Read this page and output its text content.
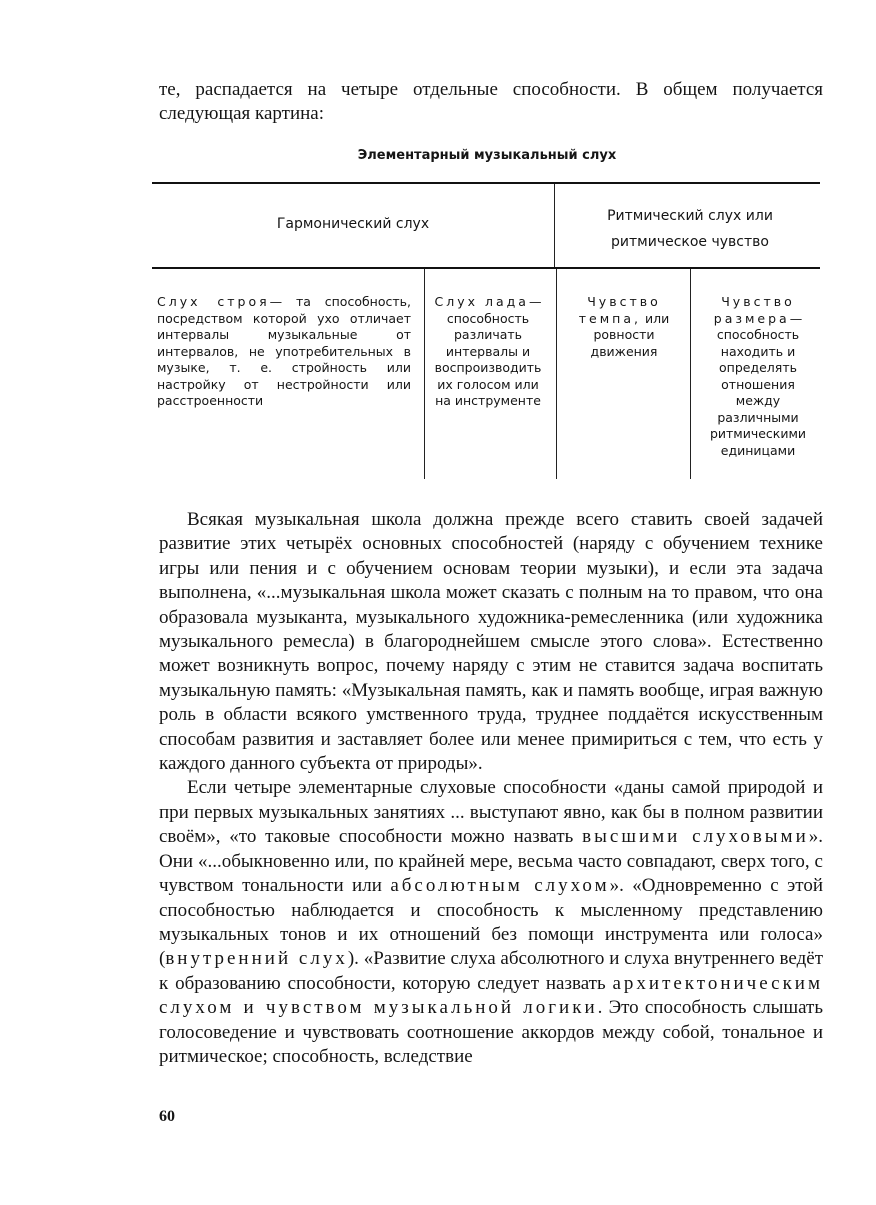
те, распадается на четыре отдельные способности. В общем получается следующая картина:
Элементарный музыкальный слух
Гармонический слух	Ритмический слух или
ритмическое чувство
Слух строя— та способность, посредством которой ухо отличает интервалы музыкальные от интервалов, не употребительных в музыке, т. е. стройность или настройку от нестройности или расстроенности
Слух лада— способность различать интервалы и воспроизводить их голосом или на инструменте
Чувство темпа, или ровности движения
Чувство размера— способность находить и определять отношения между различными ритмическими единицами

Всякая музыкальная школа должна прежде всего ставить своей задачей развитие этих четырёх основных способностей (наряду с обучением технике игры или пения и с обучением основам теории музыки), и если эта задача выполнена, «...музыкальная школа может сказать с полным на то правом, что она образовала музыканта, музыкального художника-ремесленника (или художника музыкального ремесла) в благороднейшем смысле этого слова». Естественно может возникнуть вопрос, почему наряду с этим не ставится задача воспитать музыкальную память: «Музыкальная память, как и память вообще, играя важную роль в области всякого умственного труда, труднее поддаётся искусственным способам развития и заставляет более или менее примириться с тем, что есть у каждого данного субъекта от природы».

Если четыре элементарные слуховые способности «даны самой природой и при первых музыкальных занятиях ... выступают явно, как бы в полном развитии своём», «то таковые способности можно назвать высшими слуховыми». Они «...обыкновенно или, по крайней мере, весьма часто совпадают, сверх того, с чувством тональности или абсолютным слухом». «Одновременно с этой способностью наблюдается и способность к мысленному представлению музыкальных тонов и их отношений без помощи инструмента или голоса» (внутренний слух). «Развитие слуха абсолютного и слуха внутреннего ведёт к образованию способности, которую следует назвать архитектоническим слухом и чувством музыкальной логики. Это способность слышать голосоведение и чувствовать соотношение аккордов между собой, тональное и ритмическое; способность, вследствие

60
